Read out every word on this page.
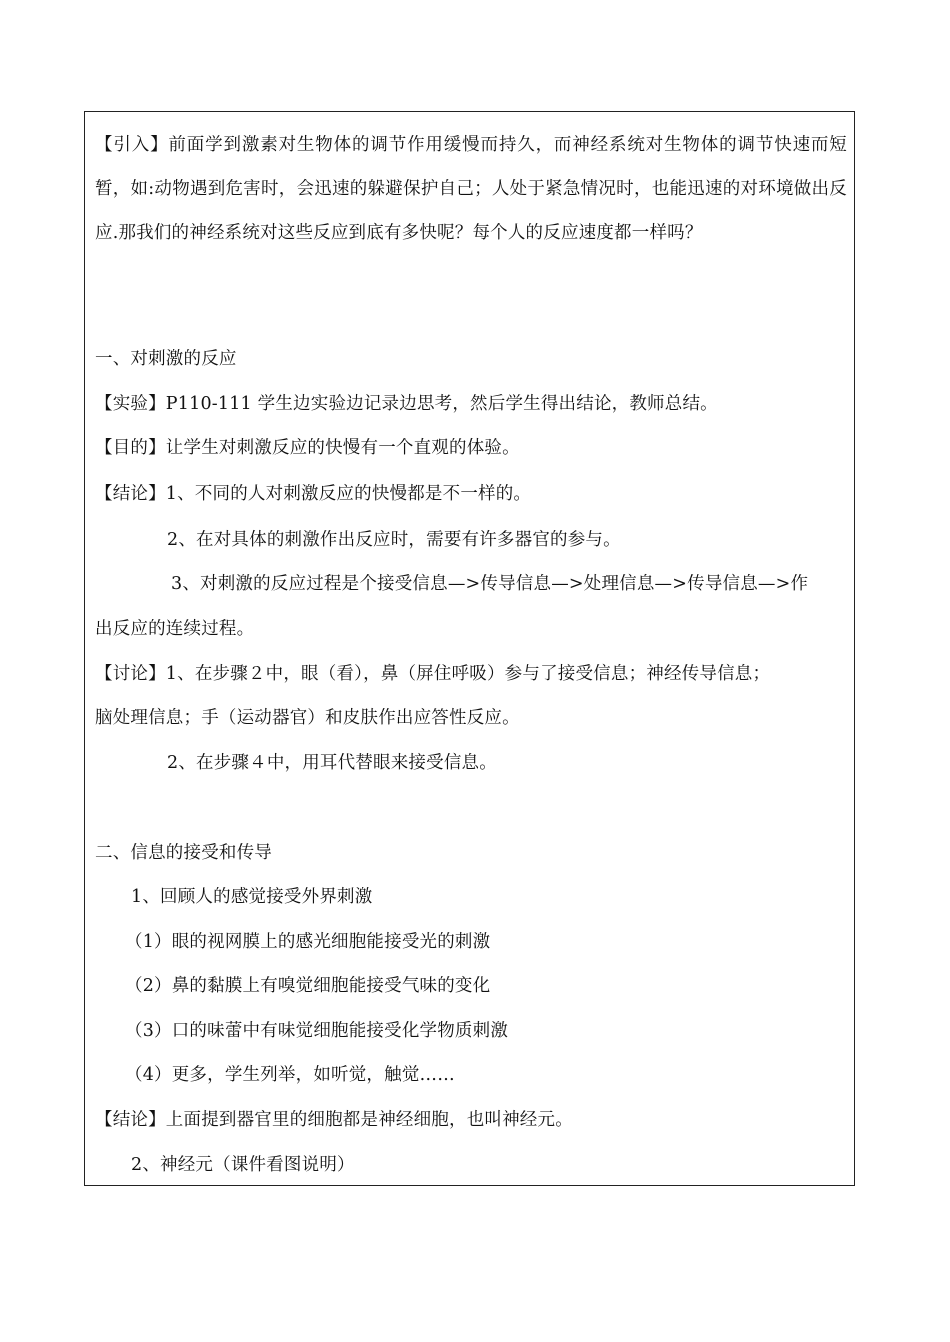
【引入】前面学到激素对生物体的调节作用缓慢而持久，而神经系统对生物体的调节快速而短暂，如:动物遇到危害时，会迅速的躲避保护自己；人处于紧急情况时，也能迅速的对环境做出反应.那我们的神经系统对这些反应到底有多快呢？每个人的反应速度都一样吗？
一、对刺激的反应
【实验】P110-111 学生边实验边记录边思考，然后学生得出结论，教师总结。
【目的】让学生对刺激反应的快慢有一个直观的体验。
【结论】1、不同的人对刺激反应的快慢都是不一样的。
2、在对具体的刺激作出反应时，需要有许多器官的参与。
3、对刺激的反应过程是个接受信息—>传导信息—>处理信息—>传导信息—>作
出反应的连续过程。
【讨论】1、在步骤２中，眼（看），鼻（屏住呼吸）参与了接受信息；神经传导信息；
脑处理信息；手（运动器官）和皮肤作出应答性反应。
2、在步骤４中，用耳代替眼来接受信息。
二、信息的接受和传导
1、回顾人的感觉接受外界刺激
（1）眼的视网膜上的感光细胞能接受光的刺激
（2）鼻的黏膜上有嗅觉细胞能接受气味的变化
（3）口的味蕾中有味觉细胞能接受化学物质刺激
（4）更多，学生列举，如听觉，触觉……
【结论】上面提到器官里的细胞都是神经细胞，也叫神经元。
2、神经元（课件看图说明）
